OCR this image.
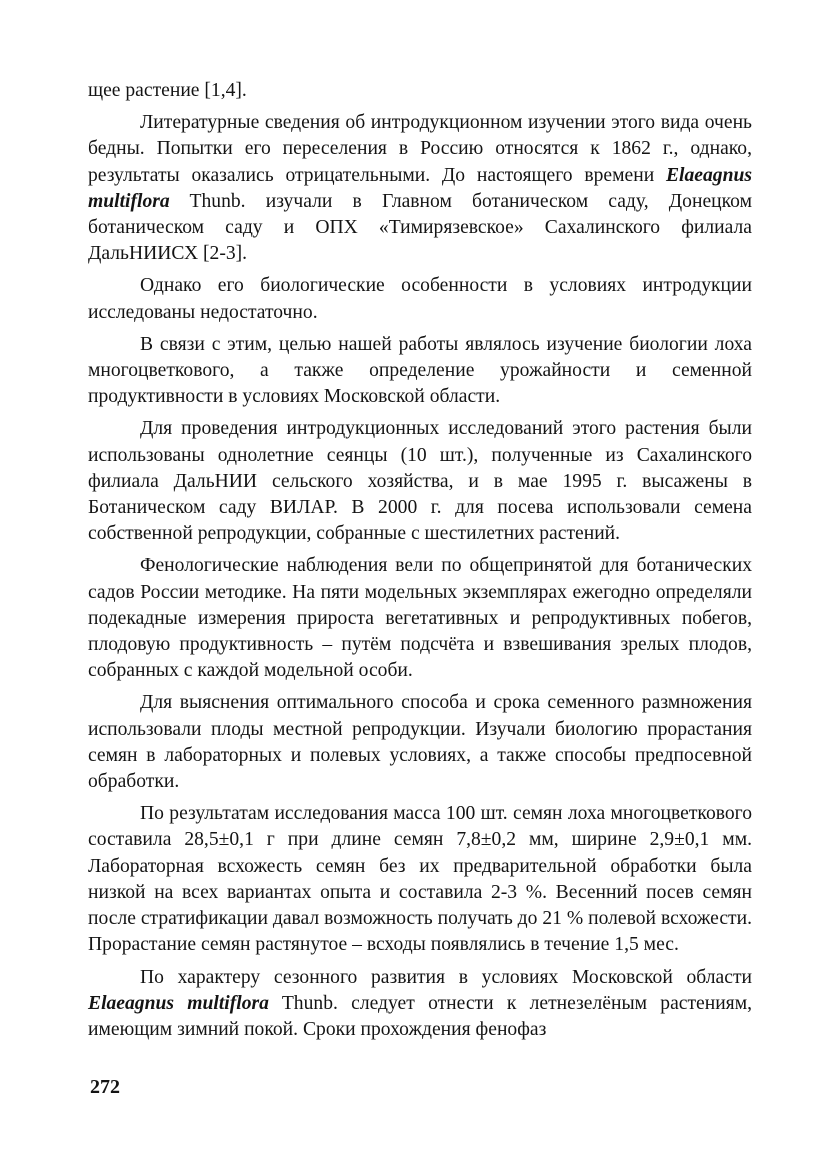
щее растение [1,4].

Литературные сведения об интродукционном изучении этого вида очень бедны. Попытки его переселения в Россию относятся к 1862 г., однако, результаты оказались отрицательными. До настоящего времени Elaeagnus multiflora Thunb. изучали в Главном ботаническом саду, Донецком ботаническом саду и ОПХ «Тимирязевское» Сахалинского филиала ДальНИИСХ [2-3].

Однако его биологические особенности в условиях интродукции исследованы недостаточно.

В связи с этим, целью нашей работы являлось изучение биологии лоха многоцветкового, а также определение урожайности и семенной продуктивности в условиях Московской области.

Для проведения интродукционных исследований этого растения были использованы однолетние сеянцы (10 шт.), полученные из Сахалинского филиала ДальНИИ сельского хозяйства, и в мае 1995 г. высажены в Ботаническом саду ВИЛАР. В 2000 г. для посева использовали семена собственной репродукции, собранные с шестилетних растений.

Фенологические наблюдения вели по общепринятой для ботанических садов России методике. На пяти модельных экземплярах ежегодно определяли подекадные измерения прироста вегетативных и репродуктивных побегов, плодовую продуктивность – путём подсчёта и взвешивания зрелых плодов, собранных с каждой модельной особи.

Для выяснения оптимального способа и срока семенного размножения использовали плоды местной репродукции. Изучали биологию прорастания семян в лабораторных и полевых условиях, а также способы предпосевной обработки.

По результатам исследования масса 100 шт. семян лоха многоцветкового составила 28,5±0,1 г при длине семян 7,8±0,2 мм, ширине 2,9±0,1 мм. Лабораторная всхожесть семян без их предварительной обработки была низкой на всех вариантах опыта и составила 2-3 %. Весенний посев семян после стратификации давал возможность получать до 21 % полевой всхожести. Прорастание семян растянутое – всходы появлялись в течение 1,5 мес.

По характеру сезонного развития в условиях Московской области Elaeagnus multiflora Thunb. следует отнести к летнезелёным растениям, имеющим зимний покой. Сроки прохождения фенофаз

272
